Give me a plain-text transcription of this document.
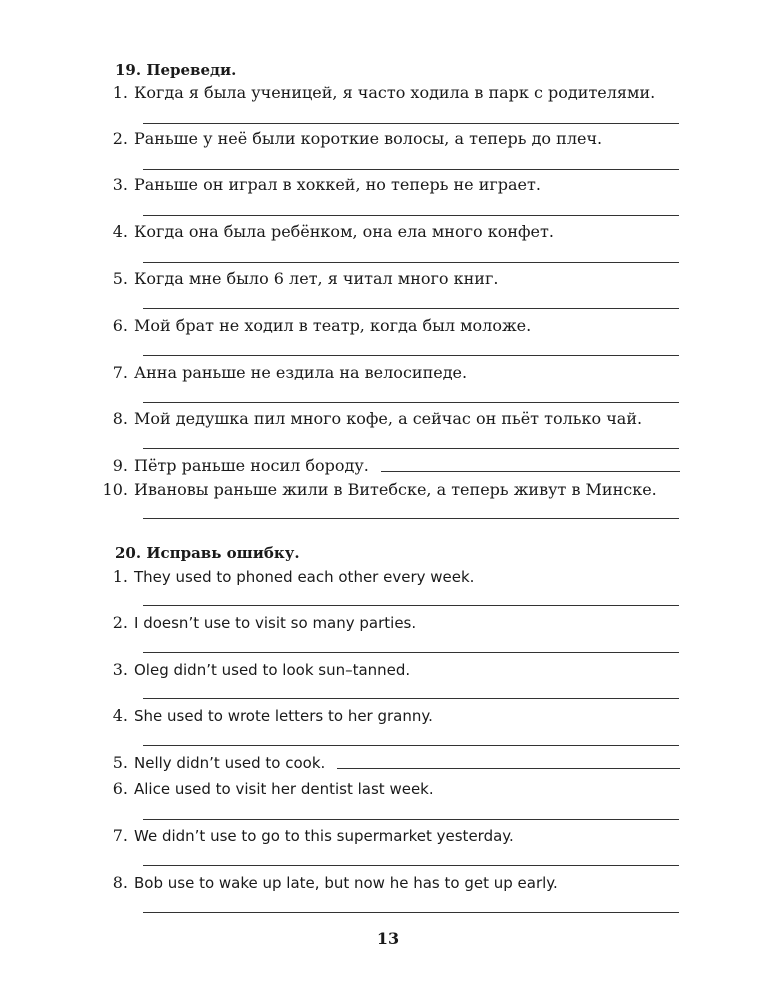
19. Переведи.
1. Когда я была ученицей, я часто ходила в парк с родителями.
2. Раньше у неё были короткие волосы, а теперь до плеч.
3. Раньше он играл в хоккей, но теперь не играет.
4. Когда она была ребёнком, она ела много конфет.
5. Когда мне было 6 лет, я читал много книг.
6. Мой брат не ходил в театр, когда был моложе.
7. Анна раньше не ездила на велосипеде.
8. Мой дедушка пил много кофе, а сейчас он пьёт только чай.
9. Пётр раньше носил бороду.
10. Ивановы раньше жили в Витебске, а теперь живут в Минске.
20. Исправь ошибку.
1. They used to phoned each other every week.
2. I doesn’t use to visit so many parties.
3. Oleg didn’t used to look sun–tanned.
4. She used to wrote letters to her granny.
5. Nelly didn’t used to cook.
6. Alice used to visit her dentist last week.
7. We didn’t use to go to this supermarket yesterday.
8. Bob use to wake up late, but now he has to get up early.
13
